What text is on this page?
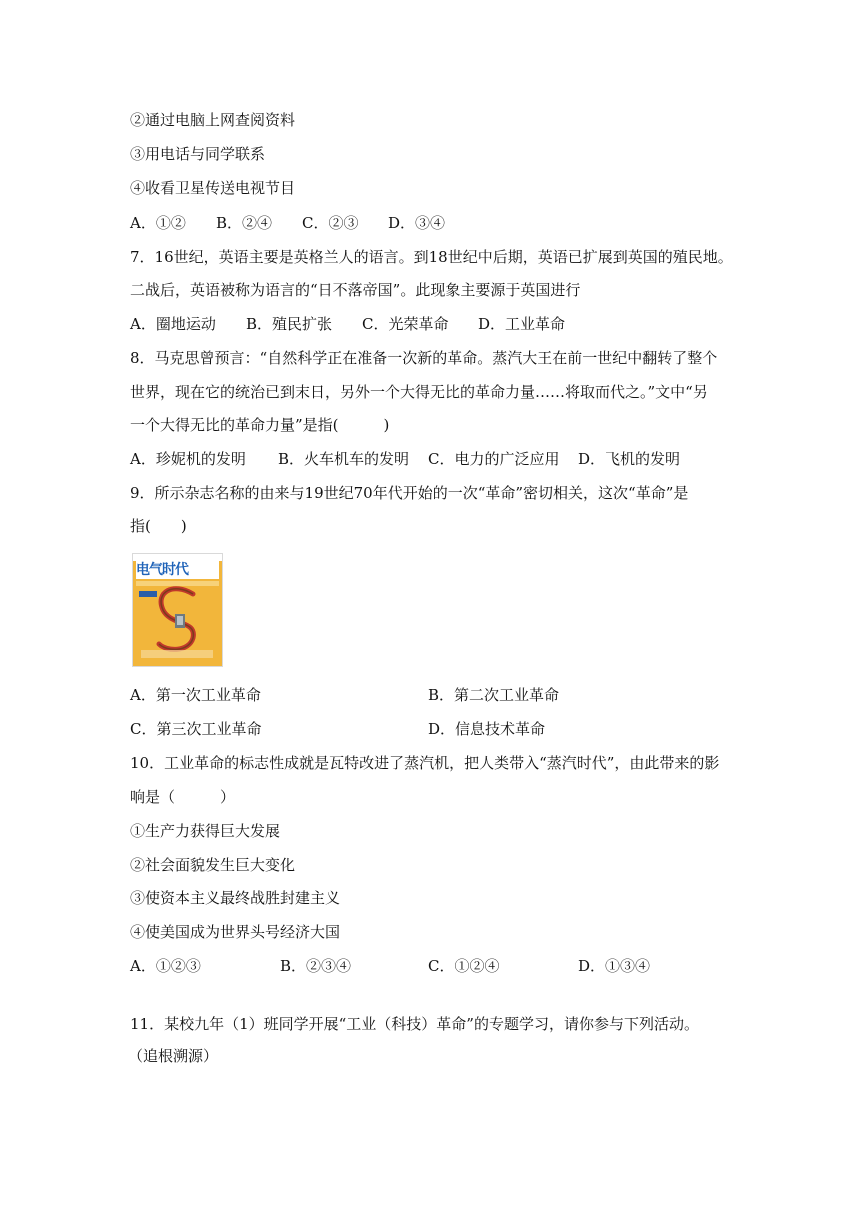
②通过电脑上网查阅资料
③用电话与同学联系
④收看卫星传送电视节目
A．①② B．②④ C．②③ D．③④
7．16世纪，英语主要是英格兰人的语言。到18世纪中后期，英语已扩展到英国的殖民地。
二战后，英语被称为语言的“日不落帝国”。此现象主要源于英国进行
A．圈地运动 B．殖民扩张 C．光荣革命 D．工业革命
8．马克思曾预言：“自然科学正在准备一次新的革命。蒸汽大王在前一世纪中翻转了整个
世界，现在它的统治已到末日，另外一个大得无比的革命力量……将取而代之。”文中“另
一个大得无比的革命力量”是指(　　　)
A．珍妮机的发明 B．火车机车的发明 C．电力的广泛应用 D．飞机的发明
9．所示杂志名称的由来与19世纪70年代开始的一次“革命”密切相关，这次“革命”是
指(　　)
电气时代
A．第一次工业革命	B．第二次工业革命
C．第三次工业革命	D．信息技术革命
10．工业革命的标志性成就是瓦特改进了蒸汽机，把人类带入“蒸汽时代”，由此带来的影
响是（　　　）
①生产力获得巨大发展
②社会面貌发生巨大变化
③使资本主义最终战胜封建主义
④使美国成为世界头号经济大国
A．①②③	B．②③④	C．①②④	D．①③④
11．某校九年（1）班同学开展“工业（科技）革命”的专题学习，请你参与下列活动。
（追根溯源）
